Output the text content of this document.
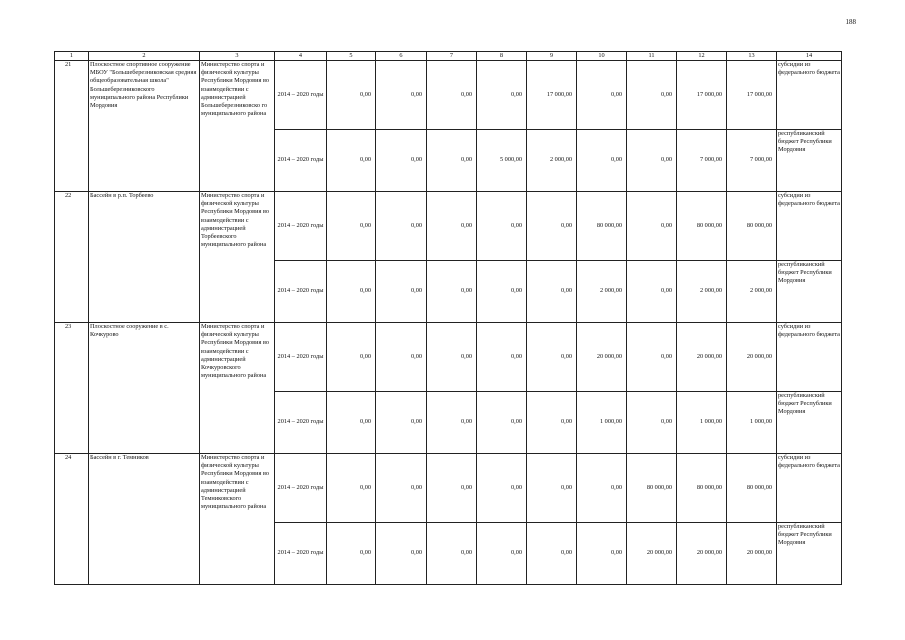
188
1	2	3	4	5	6	7	8	9	10	11	12	13	14
21	Плоскостное спортивное сооружение МБОУ "Большеберезниковская средняя общеобразовательная школа" Большеберезниковского муниципального района Республики Мордовия	Министерство спорта и физической культуры Республики Мордовия во взаимодействии с администрацией Большеберезниковско го муниципального района	2014 – 2020 годы	0,00	0,00	0,00	0,00	17 000,00	0,00	0,00	17 000,00	17 000,00	субсидии из федерального бюджета
			2014 – 2020 годы	0,00	0,00	0,00	5 000,00	2 000,00	0,00	0,00	7 000,00	7 000,00	республиканский бюджет Республики Мордовия
22	Бассейн в р.п. Торбеево	Министерство спорта и физической культуры Республики Мордовия во взаимодействии с администрацией Торбеевского муниципального района	2014 – 2020 годы	0,00	0,00	0,00	0,00	0,00	80 000,00	0,00	80 000,00	80 000,00	субсидии из федерального бюджета
			2014 – 2020 годы	0,00	0,00	0,00	0,00	0,00	2 000,00	0,00	2 000,00	2 000,00	республиканский бюджет Республики Мордовия
23	Плоскостное сооружение в с. Кочкурово	Министерство спорта и физической культуры Республики Мордовия во взаимодействии с администрацией Кочкуровского муниципального района	2014 – 2020 годы	0,00	0,00	0,00	0,00	0,00	20 000,00	0,00	20 000,00	20 000,00	субсидии из федерального бюджета
			2014 – 2020 годы	0,00	0,00	0,00	0,00	0,00	1 000,00	0,00	1 000,00	1 000,00	республиканский бюджет Республики Мордовия
24	Бассейн в г. Темников	Министерство спорта и физической культуры Республики Мордовия во взаимодействии с администрацией Темниковского муниципального района	2014 – 2020 годы	0,00	0,00	0,00	0,00	0,00	0,00	80 000,00	80 000,00	80 000,00	субсидии из федерального бюджета
			2014 – 2020 годы	0,00	0,00	0,00	0,00	0,00	0,00	20 000,00	20 000,00	20 000,00	республиканский бюджет Республики Мордовия
